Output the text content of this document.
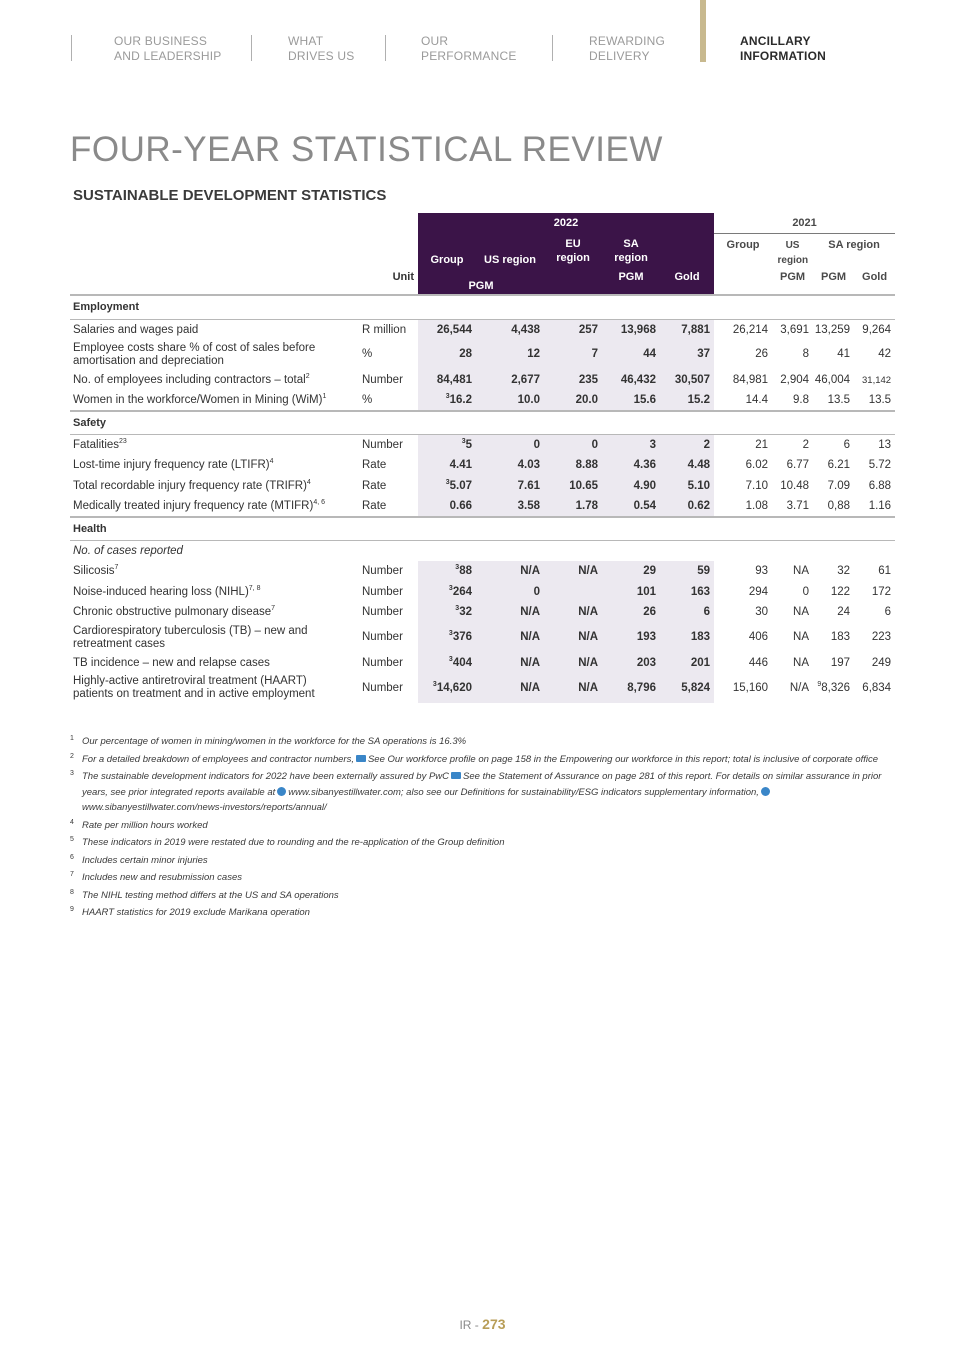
OUR BUSINESS
AND LEADERSHIP
WHAT
DRIVES US
OUR
PERFORMANCE
REWARDING
DELIVERY
ANCILLARY
INFORMATION
FOUR-YEAR STATISTICAL REVIEW
SUSTAINABLE DEVELOPMENT STATISTICS
		2022					2021			
		Group	US region	EU region	SA region		Group	US region	SA region	
	Unit	PGM			PGM	Gold		PGM	PGM	Gold
Employment										
Salaries and wages paid	R million	26,544	4,438	257	13,968	7,881	26,214	3,691	13,259	9,264
Employee costs share % of cost of sales before amortisation and depreciation	%	28	12	7	44	37	26	8	41	42
No. of employees including contractors – total$^2$	Number	84,481	2,677	235	46,432	30,507	84,981	2,904	46,004	31,142
Women in the workforce/Women in Mining (WiM)$^1$	%	$^3$16.2	10.0	20.0	15.6	15.2	14.4	9.8	13.5	13.5
Safety										
Fatalities$^{23}$	Number	$^3$5	0	0	3	2	21	2	6	13
Lost-time injury frequency rate (LTIFR)$^4$	Rate	4.41	4.03	8.88	4.36	4.48	6.02	6.77	6.21	5.72
Total recordable injury frequency rate (TRIFR)$^4$	Rate	$^3$5.07	7.61	10.65	4.90	5.10	7.10	10.48	7.09	6.88
Medically treated injury frequency rate (MTIFR)$^{4, 6}$	Rate	0.66	3.58	1.78	0.54	0.62	1.08	3.71	0,88	1.16
Health										
No. of cases reported										
Silicosis$^7$	Number	$^3$88	N/A	N/A	29	59	93	NA	32	61
Noise-induced hearing loss (NIHL)$^{7, 8}$	Number	$^3$264	0		101	163	294	0	122	172
Chronic obstructive pulmonary disease$^7$	Number	$^3$32	N/A	N/A	26	6	30	NA	24	6
Cardiorespiratory tuberculosis (TB) – new and retreatment cases	Number	$^3$376	N/A	N/A	193	183	406	NA	183	223
TB incidence – new and relapse cases	Number	$^3$404	N/A	N/A	203	201	446	NA	197	249
Highly-active antiretroviral treatment (HAART) patients on treatment and in active employment	Number	$^3$14,620	N/A	N/A	8,796	5,824	15,160	N/A	$^9$8,326	6,834
1 Our percentage of women in mining/women in the workforce for the SA operations is 16.3%
2 For a detailed breakdown of employees and contractor numbers, See Our workforce profile on page 158 in the Empowering our workforce in this report; total is inclusive of corporate office
3 The sustainable development indicators for 2022 have been externally assured by PwC See the Statement of Assurance on page 281 of this report. For details on similar assurance in prior years, see prior integrated reports available at www.sibanyestillwater.com; also see our Definitions for sustainability/ESG indicators supplementary information,www.sibanyestillwater.com/news-investors/reports/annual/
4 Rate per million hours worked
5 These indicators in 2019 were restated due to rounding and the re-application of the Group definition
6 Includes certain minor injuries
7 Includes new and resubmission cases
8 The NIHL testing method differs at the US and SA operations
9 HAART statistics for 2019 exclude Marikana operation
IR - 273
